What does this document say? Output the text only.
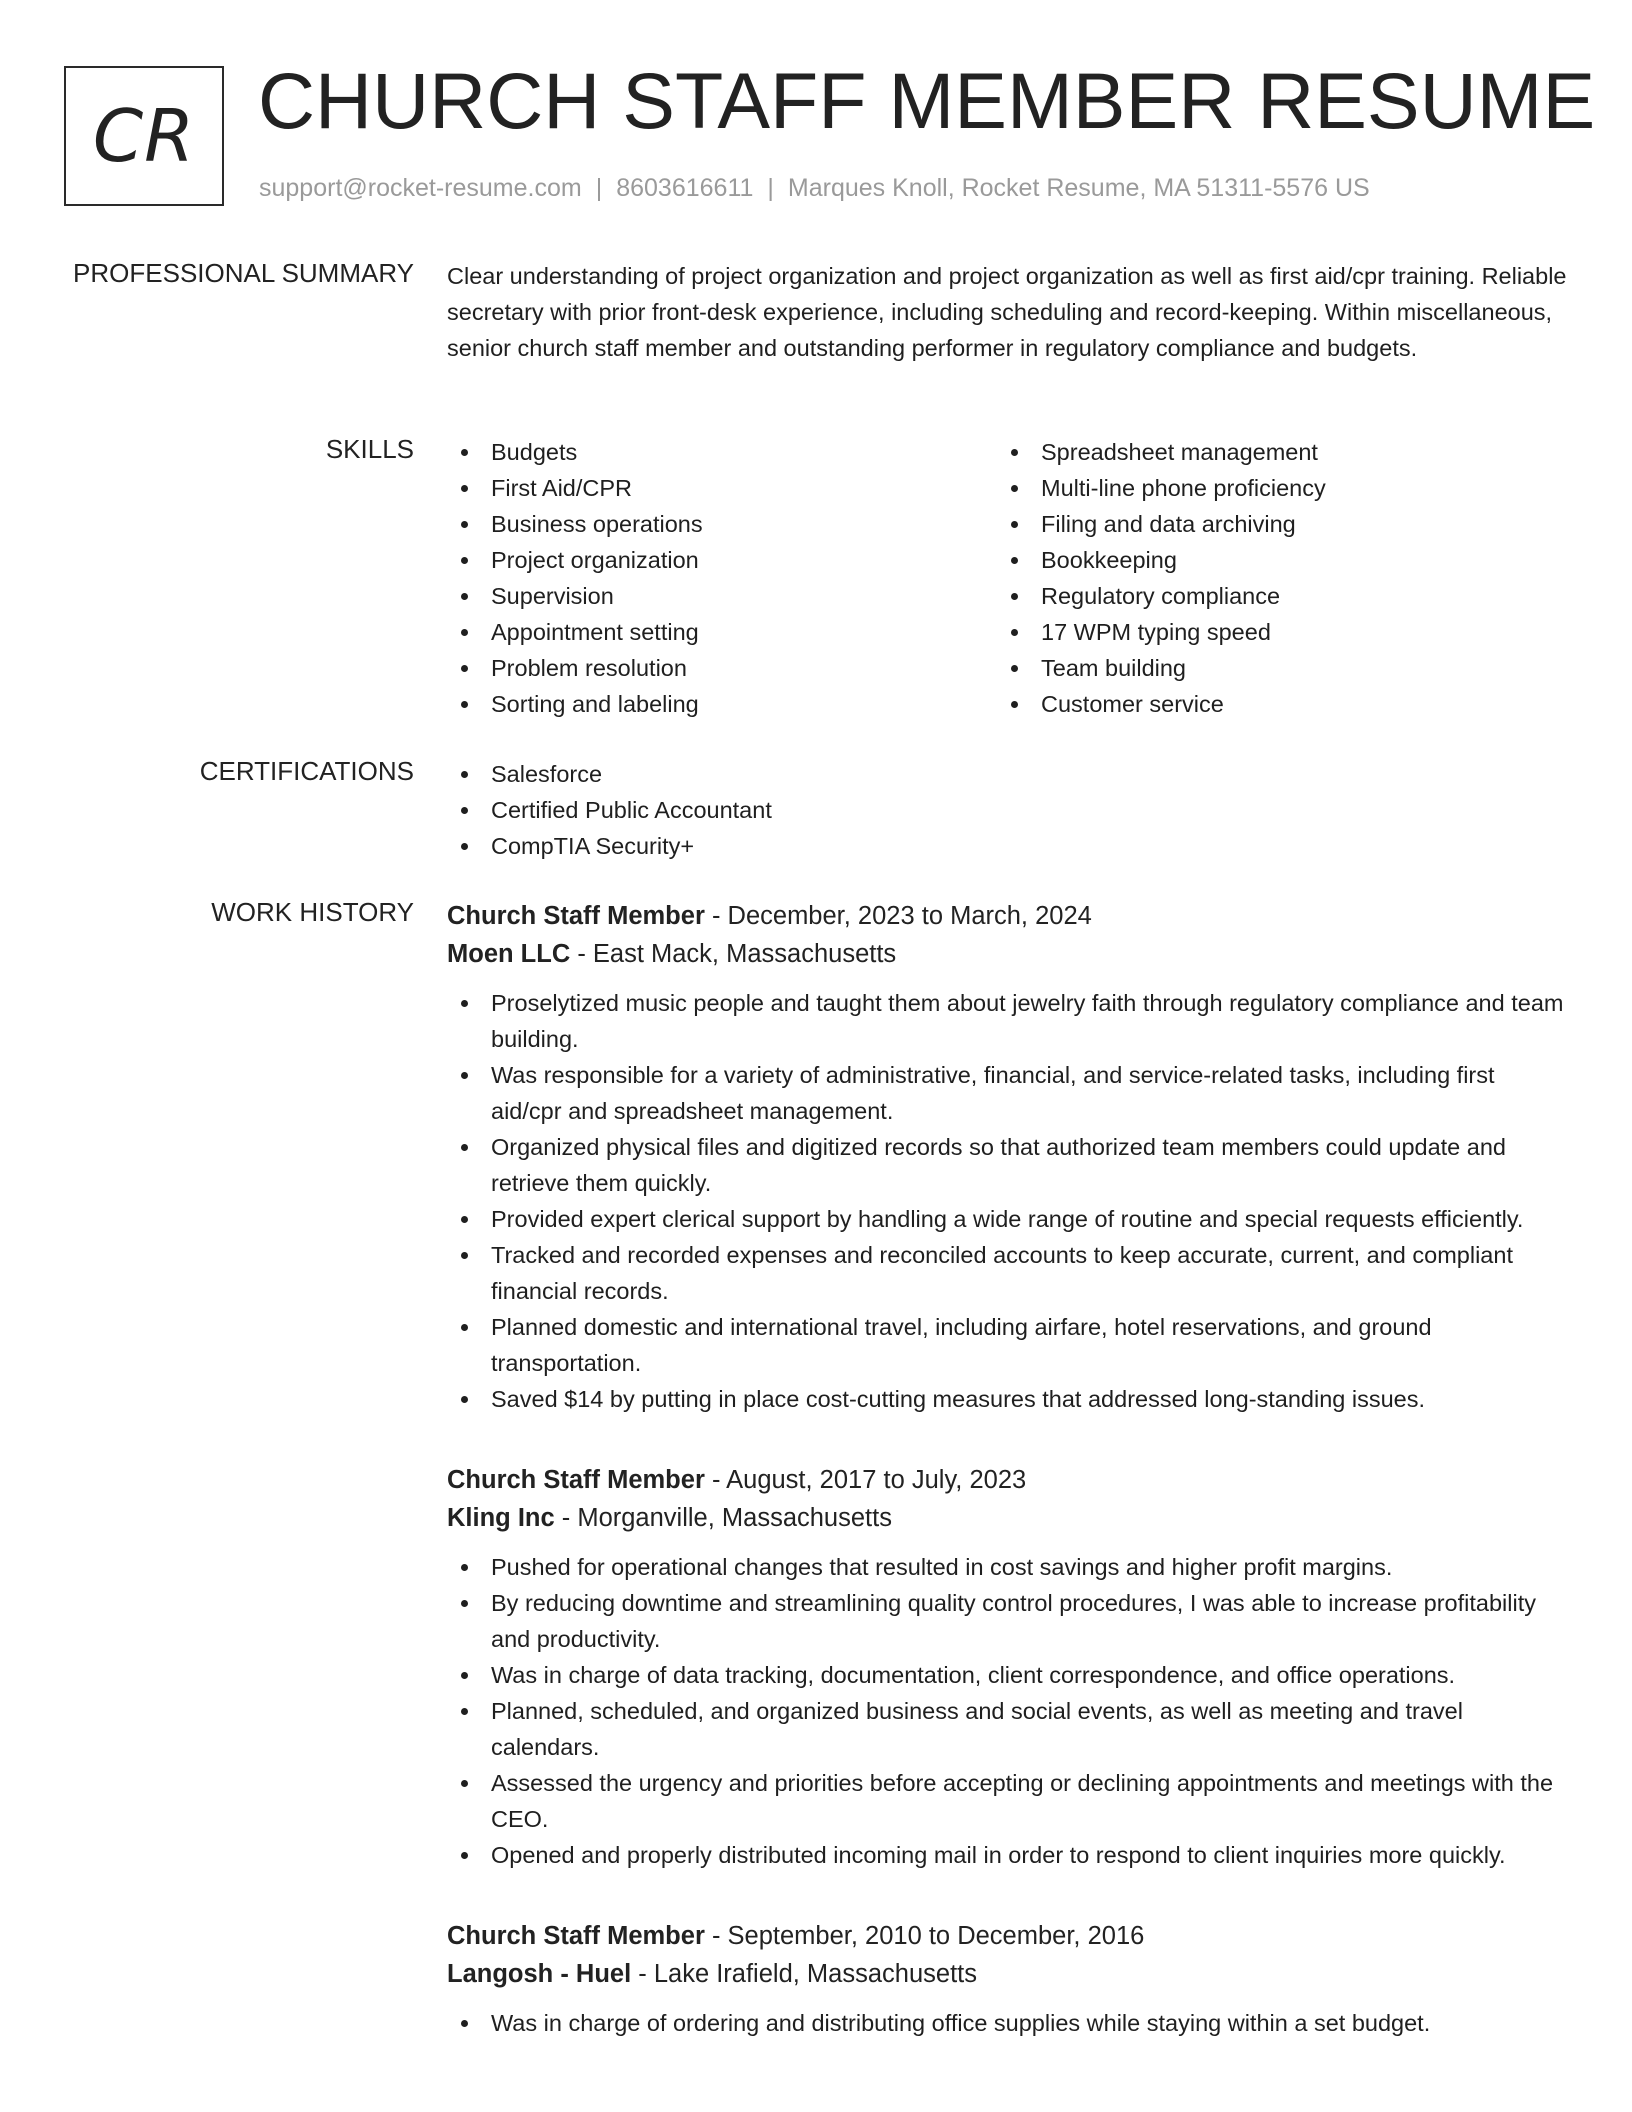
CR CHURCH STAFF MEMBER RESUME
support@rocket-resume.com | 8603616611 | Marques Knoll, Rocket Resume, MA 51311-5576 US
PROFESSIONAL SUMMARY Clear understanding of project organization and project organization as well as first aid/cpr training. Reliable secretary with prior front-desk experience, including scheduling and record-keeping. Within miscellaneous, senior church staff member and outstanding performer in regulatory compliance and budgets.

SKILLS	Budgets
First Aid/CPR
Business operations
Project organization
Supervision
Appointment setting
Problem resolution
Sorting and labeling
Spreadsheet management
Multi-line phone proficiency
Filing and data archiving
Bookkeeping
Regulatory compliance
17 WPM typing speed
Team building
Customer service
CERTIFICATIONS	Salesforce
Certified Public Accountant
CompTIA Security+
WORK HISTORY Church Staff Member - December, 2023 to March, 2024
Moen LLC - East Mack, Massachusetts
Proselytized music people and taught them about jewelry faith through regulatory compliance and team building.
Was responsible for a variety of administrative, financial, and service-related tasks, including first aid/cpr and spreadsheet management.
Organized physical files and digitized records so that authorized team members could update and retrieve them quickly.
Provided expert clerical support by handling a wide range of routine and special requests efficiently.
Tracked and recorded expenses and reconciled accounts to keep accurate, current, and compliant financial records.
Planned domestic and international travel, including airfare, hotel reservations, and ground transportation.
Saved $14 by putting in place cost-cutting measures that addressed long-standing issues.
Church Staff Member - August, 2017 to July, 2023
Kling Inc - Morganville, Massachusetts
Pushed for operational changes that resulted in cost savings and higher profit margins.
By reducing downtime and streamlining quality control procedures, I was able to increase profitability and productivity.
Was in charge of data tracking, documentation, client correspondence, and office operations.
Planned, scheduled, and organized business and social events, as well as meeting and travel calendars.
Assessed the urgency and priorities before accepting or declining appointments and meetings with the CEO.
Opened and properly distributed incoming mail in order to respond to client inquiries more quickly.
Church Staff Member - September, 2010 to December, 2016
Langosh - Huel - Lake Irafield, Massachusetts
Was in charge of ordering and distributing office supplies while staying within a set budget.
